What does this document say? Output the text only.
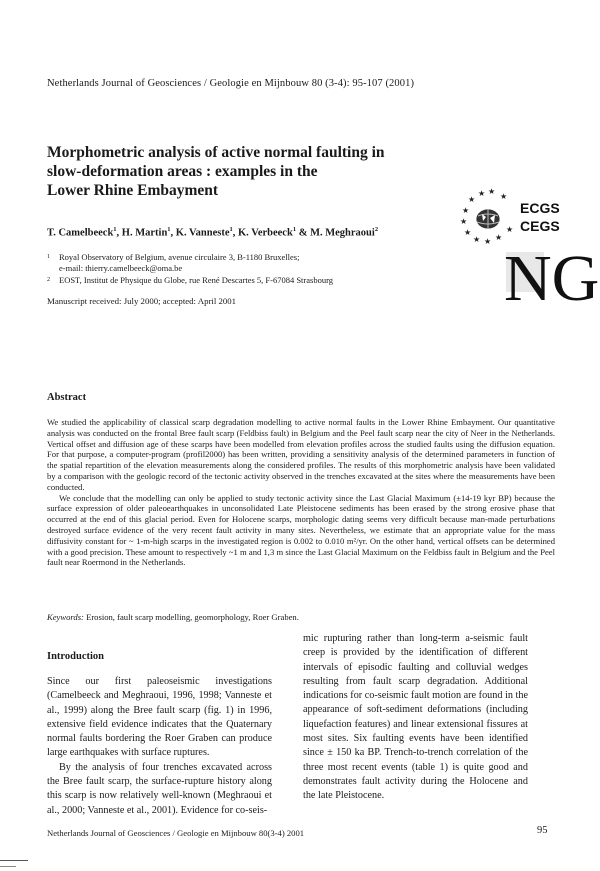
Netherlands Journal of Geosciences / Geologie en Mijnbouw 80 (3-4): 95-107 (2001)
Morphometric analysis of active normal faulting in
slow-deformation areas : examples in the
Lower Rhine Embayment
T. Camelbeeck$^1$, H. Martin$^1$, K. Vanneste$^1$, K. Verbeeck$^1$ & M. Meghraoui$^2$
1 Royal Observatory of Belgium, avenue circulaire 3, B-1180 Bruxelles;
e-mail: thierry.camelbeeck@oma.be
2 EOST, Institut de Physique du Globe, rue René Descartes 5, F-67084 Strasbourg
Manuscript received: July 2000; accepted: April 2001
★ ★
★
★
★
★
★ ★ ★
★
★
ECGS
CEGS
NG
Abstract

We studied the applicability of classical scarp degradation modelling to active normal faults in the Lower Rhine Embayment. Our quantitative analysis was conducted on the frontal Bree fault scarp (Feldbiss fault) in Belgium and the Peel fault scarp near the city of Neer in the Netherlands. Vertical offset and diffusion age of these scarps have been modelled from elevation profiles across the studied faults using the diffusion equation. For that purpose, a computer-program (profil2000) has been written, providing a sensitivity analysis of the determined parameters in function of the spatial repartition of the elevation measurements along the considered profiles. The results of this morphometric analysis have been validated by a comparison with the geologic record of the tectonic activity observed in the trenches excavated at the sites where the measurements have been conducted.

We conclude that the modelling can only be applied to study tectonic activity since the Last Glacial Maximum (±14-19 kyr BP) because the surface expression of older paleoearthquakes in unconsolidated Late Pleistocene sediments has been erased by the strong erosive phase that occurred at the end of this glacial period. Even for Holocene scarps, morphologic dating seems very difficult because man-made perturbations destroyed surface evidence of the very recent fault activity in many sites. Nevertheless, we estimate that an appropriate value for the mass diffusivity constant for ~ 1-m-high scarps in the investigated region is 0.002 to 0.010 m²/yr. On the other hand, vertical offsets can be determined with a good precision. These amount to respectively ~1 m and 1,3 m since the Last Glacial Maximum on the Feldbiss fault in Belgium and the Peel fault near Roermond in the Netherlands.

Keywords: Erosion, fault scarp modelling, geomorphology, Roer Graben.
Introduction

Since our first paleoseismic investigations (Camelbeeck and Meghraoui, 1996, 1998; Vanneste et al., 1999) along the Bree fault scarp (fig. 1) in 1996, extensive field evidence indicates that the Quaternary normal faults bordering the Roer Graben can produce large earthquakes with surface ruptures.

By the analysis of four trenches excavated across the Bree fault scarp, the surface-rupture history along this scarp is now relatively well-known (Meghraoui et al., 2000; Vanneste et al., 2001). Evidence for co-seis-

mic rupturing rather than long-term a-seismic fault creep is provided by the identification of different intervals of episodic faulting and colluvial wedges resulting from fault scarp degradation. Additional indications for co-seismic fault motion are found in the appearance of soft-sediment deformations (including liquefaction features) and linear extensional fissures at most sites. Six faulting events have been identified since ± 150 ka BP. Trench-to-trench correlation of the three most recent events (table 1) is quite good and demonstrates fault activity during the Holocene and the late Pleistocene.

Netherlands Journal of Geosciences / Geologie en Mijnbouw 80(3-4) 2001	95
